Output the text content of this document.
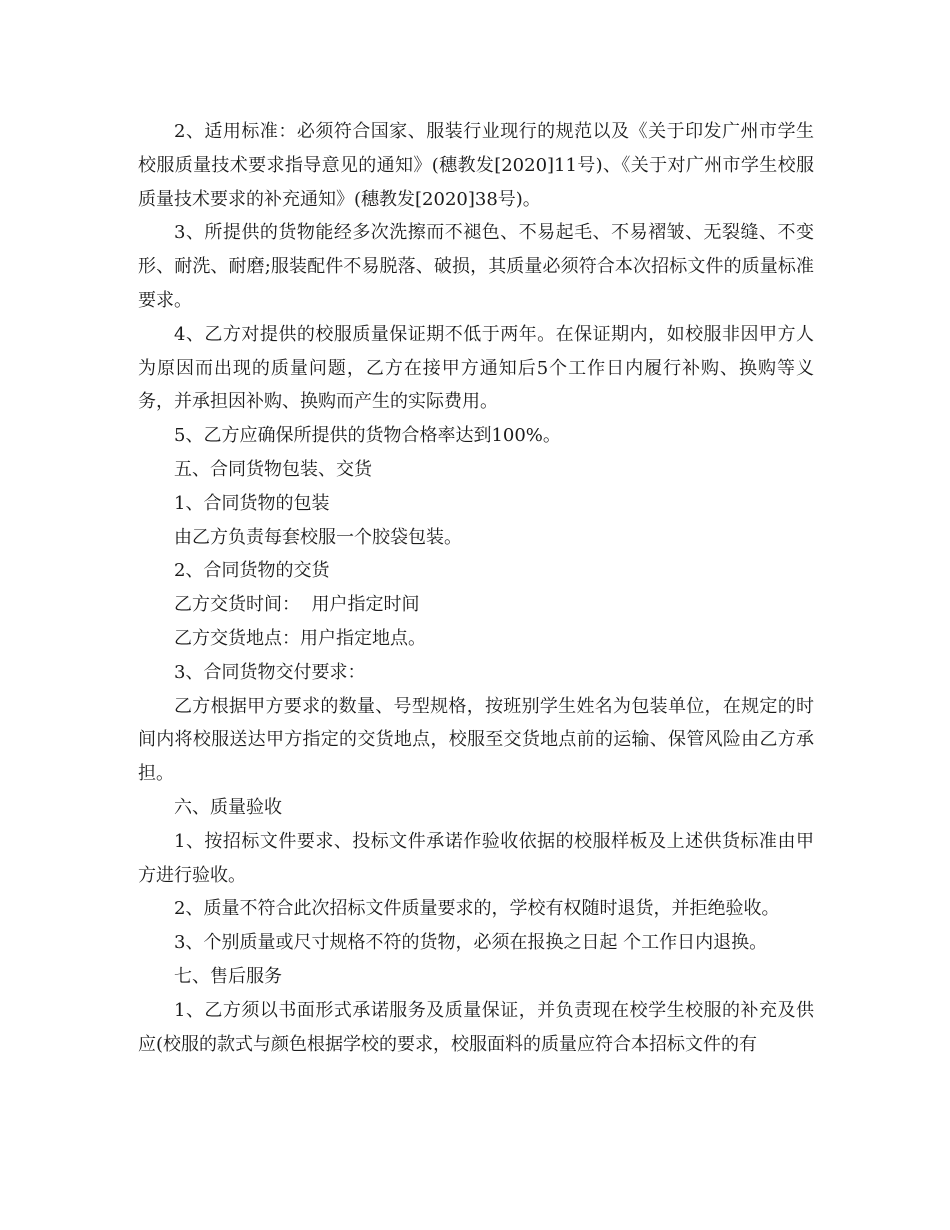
2、适用标准：必须符合国家、服装行业现行的规范以及《关于印发广州市学生校服质量技术要求指导意见的通知》(穗教发[2020]11号)、《关于对广州市学生校服质量技术要求的补充通知》(穗教发[2020]38号)。

3、所提供的货物能经多次洗擦而不褪色、不易起毛、不易褶皱、无裂缝、不变形、耐洗、耐磨;服装配件不易脱落、破损，其质量必须符合本次招标文件的质量标准要求。

4、乙方对提供的校服质量保证期不低于两年。在保证期内，如校服非因甲方人为原因而出现的质量问题，乙方在接甲方通知后5个工作日内履行补购、换购等义务，并承担因补购、换购而产生的实际费用。

5、乙方应确保所提供的货物合格率达到100%。

五、合同货物包装、交货

1、合同货物的包装

由乙方负责每套校服一个胶袋包装。

2、合同货物的交货

乙方交货时间：  用户指定时间

乙方交货地点：用户指定地点。

3、合同货物交付要求：

乙方根据甲方要求的数量、号型规格，按班别学生姓名为包装单位，在规定的时间内将校服送达甲方指定的交货地点，校服至交货地点前的运输、保管风险由乙方承担。

六、质量验收

1、按招标文件要求、投标文件承诺作验收依据的校服样板及上述供货标准由甲方进行验收。

2、质量不符合此次招标文件质量要求的，学校有权随时退货，并拒绝验收。

3、个别质量或尺寸规格不符的货物，必须在报换之日起 个工作日内退换。

七、售后服务

1、乙方须以书面形式承诺服务及质量保证，并负责现在校学生校服的补充及供应(校服的款式与颜色根据学校的要求，校服面料的质量应符合本招标文件的有
